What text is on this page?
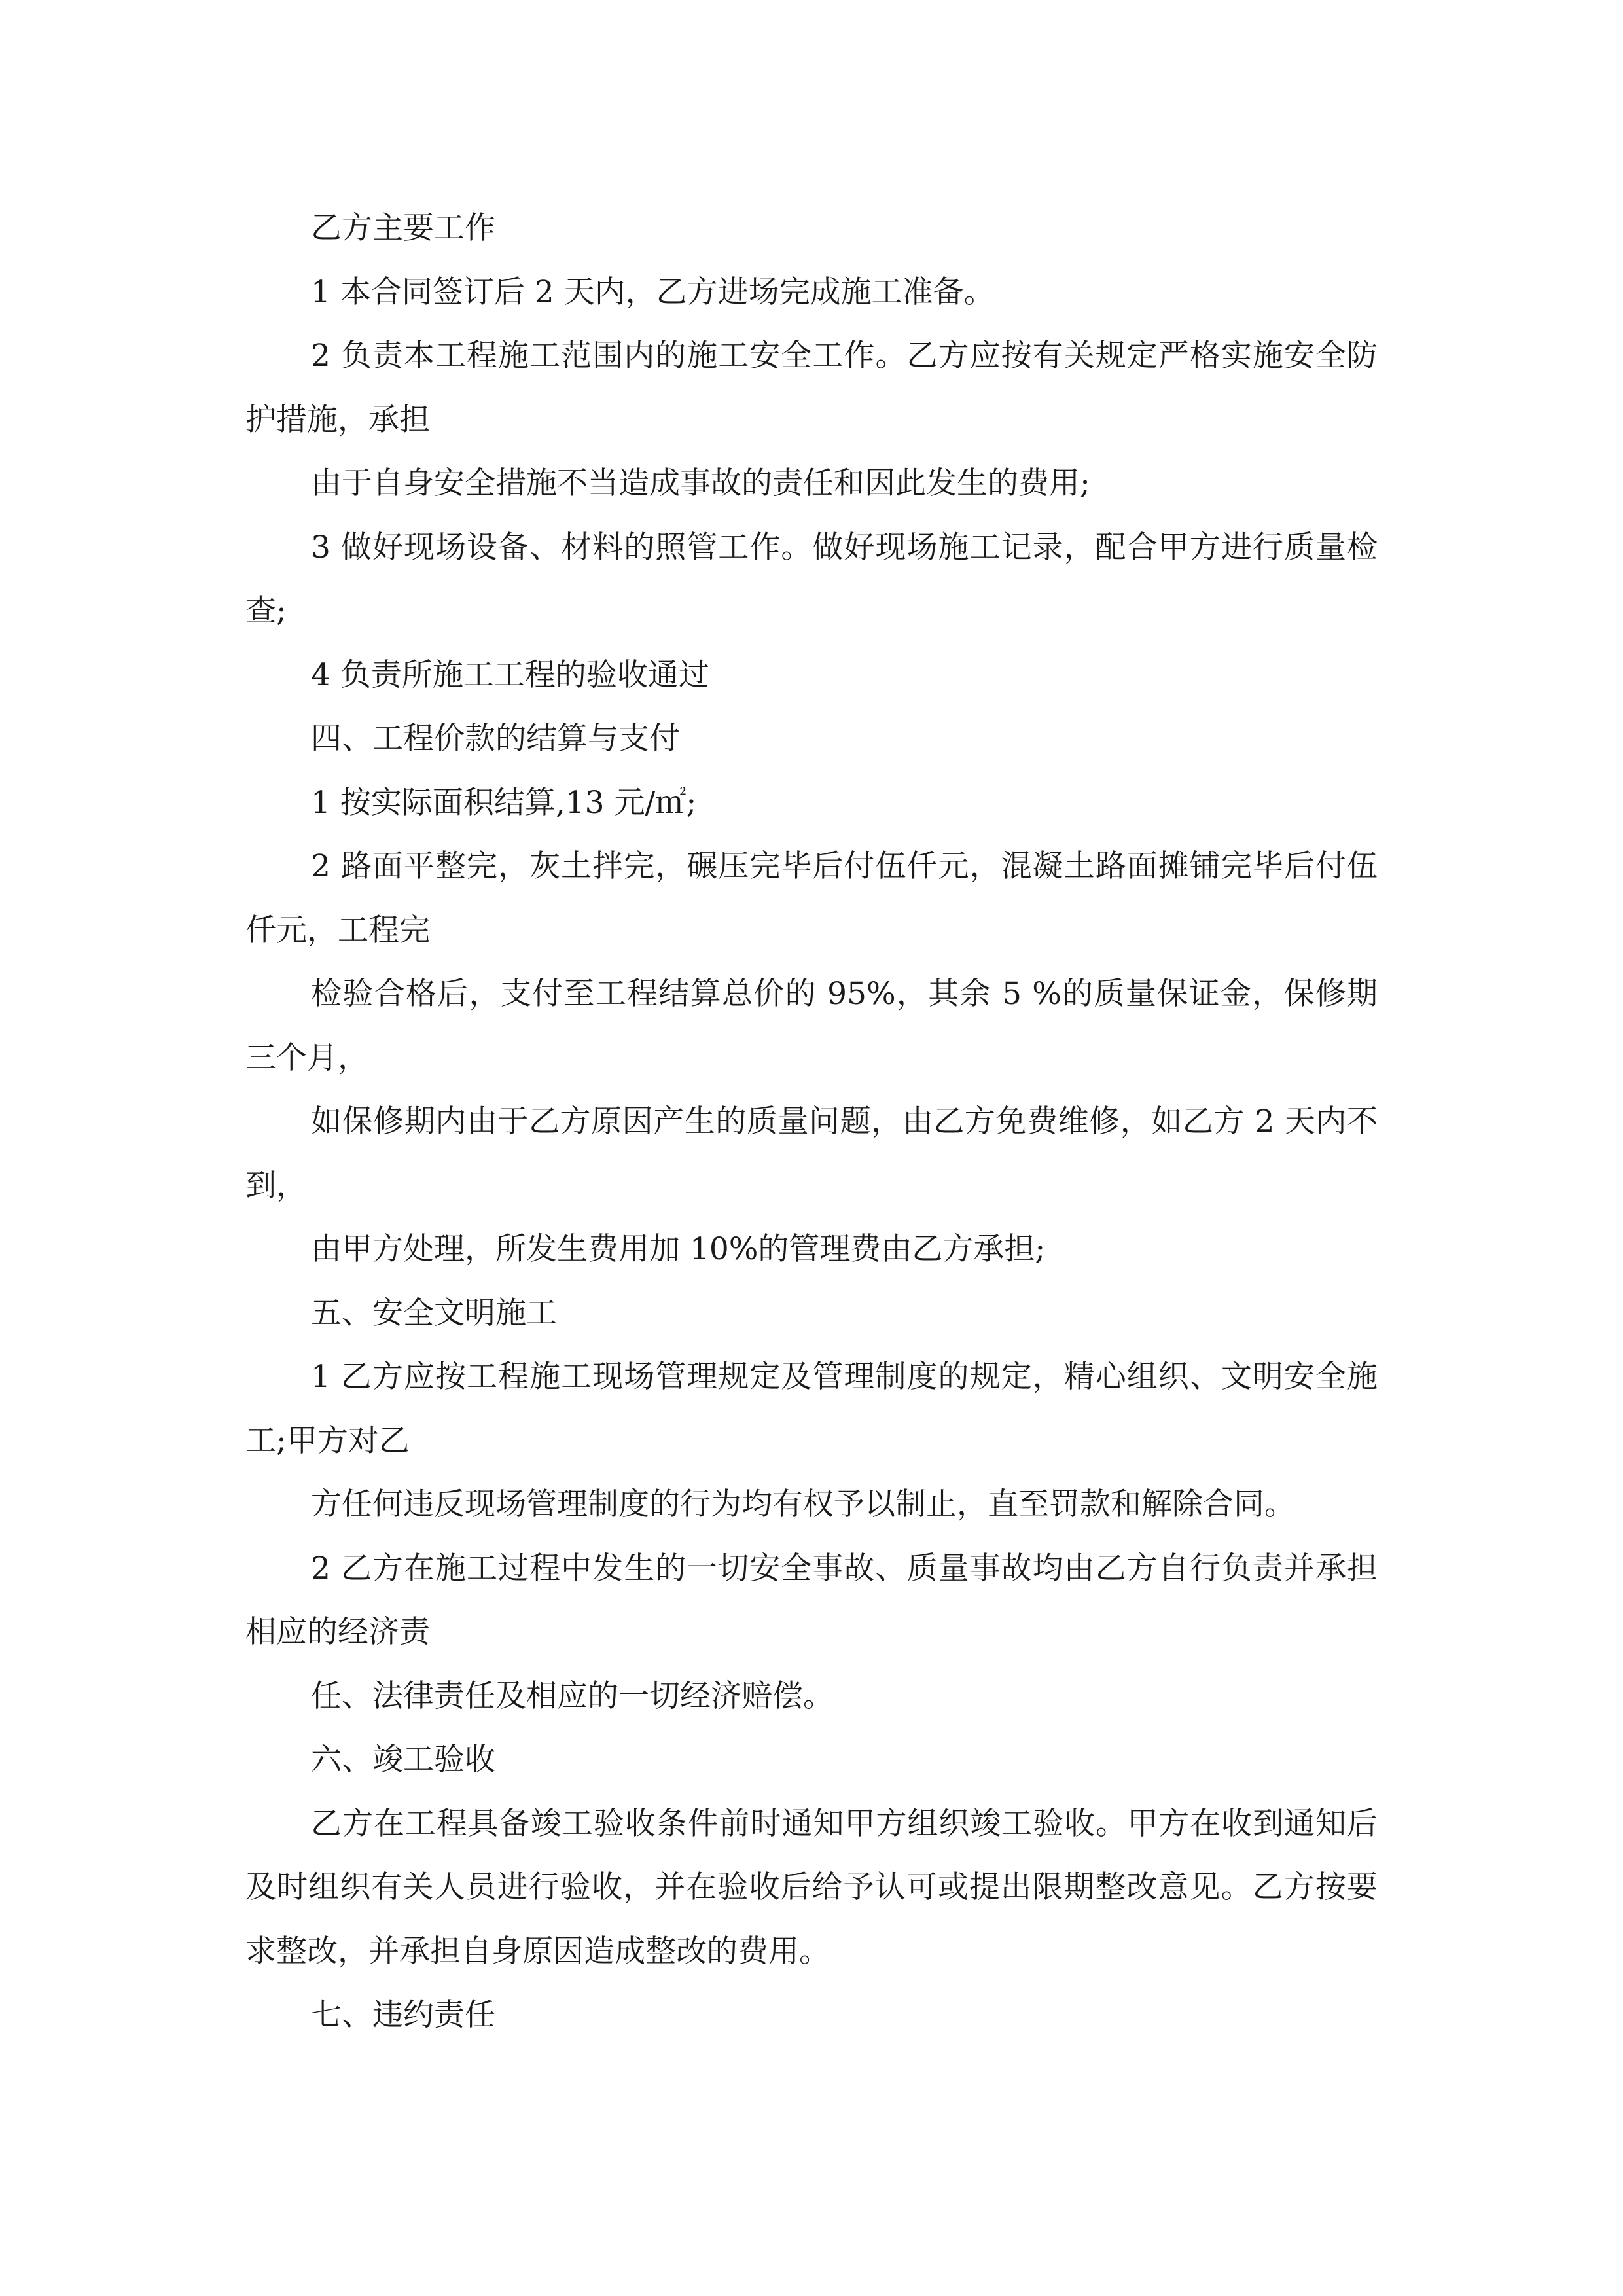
乙方主要工作

1 本合同签订后 2 天内，乙方进场完成施工准备。

2 负责本工程施工范围内的施工安全工作。乙方应按有关规定严格实施安全防护措施，承担

由于自身安全措施不当造成事故的责任和因此发生的费用;

3 做好现场设备、材料的照管工作。做好现场施工记录，配合甲方进行质量检查;

4 负责所施工工程的验收通过

四、工程价款的结算与支付

1 按实际面积结算,13 元/㎡;

2 路面平整完，灰土拌完，碾压完毕后付伍仟元，混凝土路面摊铺完毕后付伍仟元，工程完

检验合格后，支付至工程结算总价的 95%，其余 5 %的质量保证金，保修期三个月，

如保修期内由于乙方原因产生的质量问题，由乙方免费维修，如乙方 2 天内不到，

由甲方处理，所发生费用加 10%的管理费由乙方承担;

五、安全文明施工

1 乙方应按工程施工现场管理规定及管理制度的规定，精心组织、文明安全施工;甲方对乙

方任何违反现场管理制度的行为均有权予以制止，直至罚款和解除合同。

2 乙方在施工过程中发生的一切安全事故、质量事故均由乙方自行负责并承担相应的经济责

任、法律责任及相应的一切经济赔偿。

六、竣工验收

乙方在工程具备竣工验收条件前时通知甲方组织竣工验收。甲方在收到通知后及时组织有关人员进行验收，并在验收后给予认可或提出限期整改意见。乙方按要求整改，并承担自身原因造成整改的费用。

七、违约责任
